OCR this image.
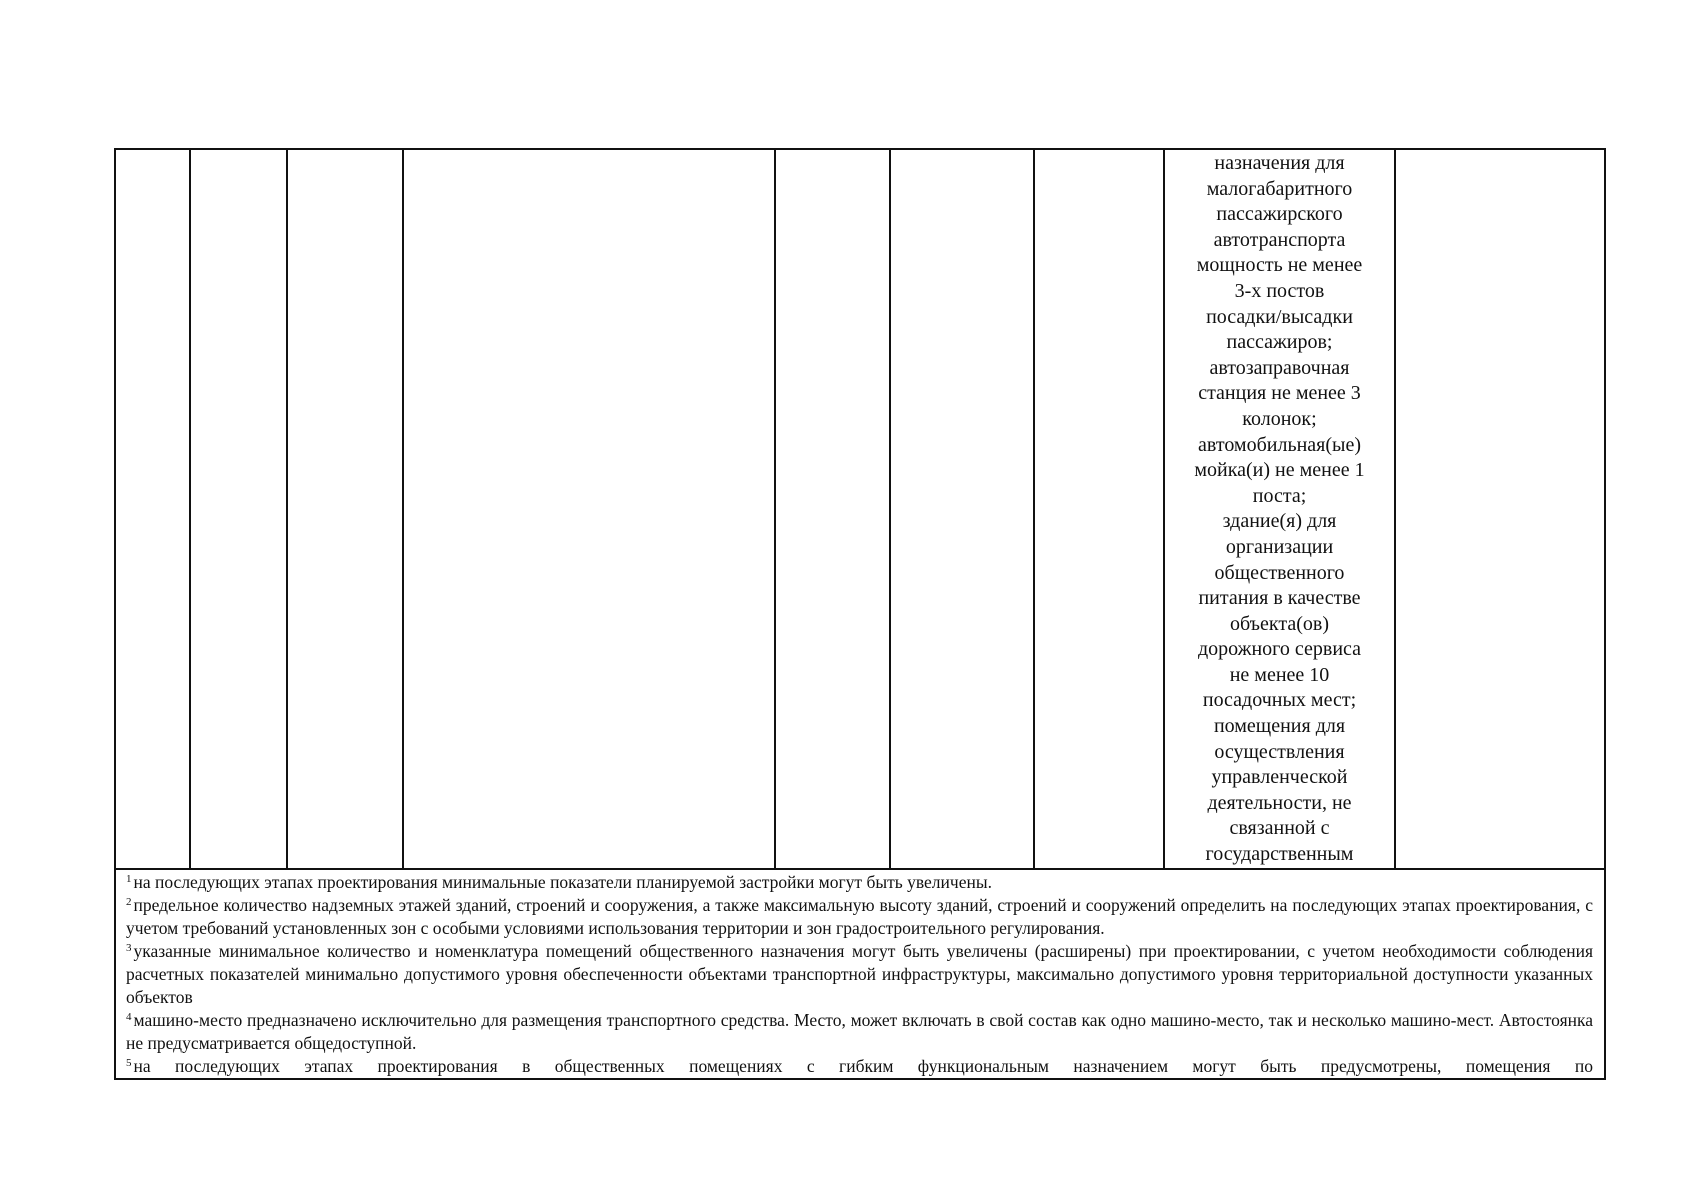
назначения для
малогабаритного
пассажирского
автотранспорта
мощность не менее
3-х постов
посадки/высадки
пассажиров;
автозаправочная
станция не менее 3
колонок;
автомобильная(ые)
мойка(и) не менее 1
поста;
здание(я) для
организации
общественного
питания в качестве
объекта(ов)
дорожного сервиса
не менее 10
посадочных мест;
помещения для
осуществления
управленческой
деятельности, не
связанной с
государственным

$^1$ на последующих этапах проектирования минимальные показатели планируемой застройки могут быть увеличены.

$^2$ предельное количество надземных этажей зданий, строений и сооружения, а также максимальную высоту зданий, строений и сооружений определить на последующих этапах проектирования, с учетом требований установленных зон с особыми условиями использования территории и зон градостроительного регулирования.

$^3$ указанные минимальное количество и номенклатура помещений общественного назначения могут быть увеличены (расширены) при проектировании, с учетом необходимости соблюдения расчетных показателей минимально допустимого уровня обеспеченности объектами транспортной инфраструктуры, максимально допустимого уровня территориальной доступности указанных объектов

$^4$ машино-место предназначено исключительно для размещения транспортного средства. Место, может включать в свой состав как одно машино-место, так и несколько машино-мест. Автостоянка не предусматривается общедоступной.

$^5$ на последующих этапах проектирования в общественных помещениях с гибким функциональным назначением могут быть предусмотрены, помещения по
